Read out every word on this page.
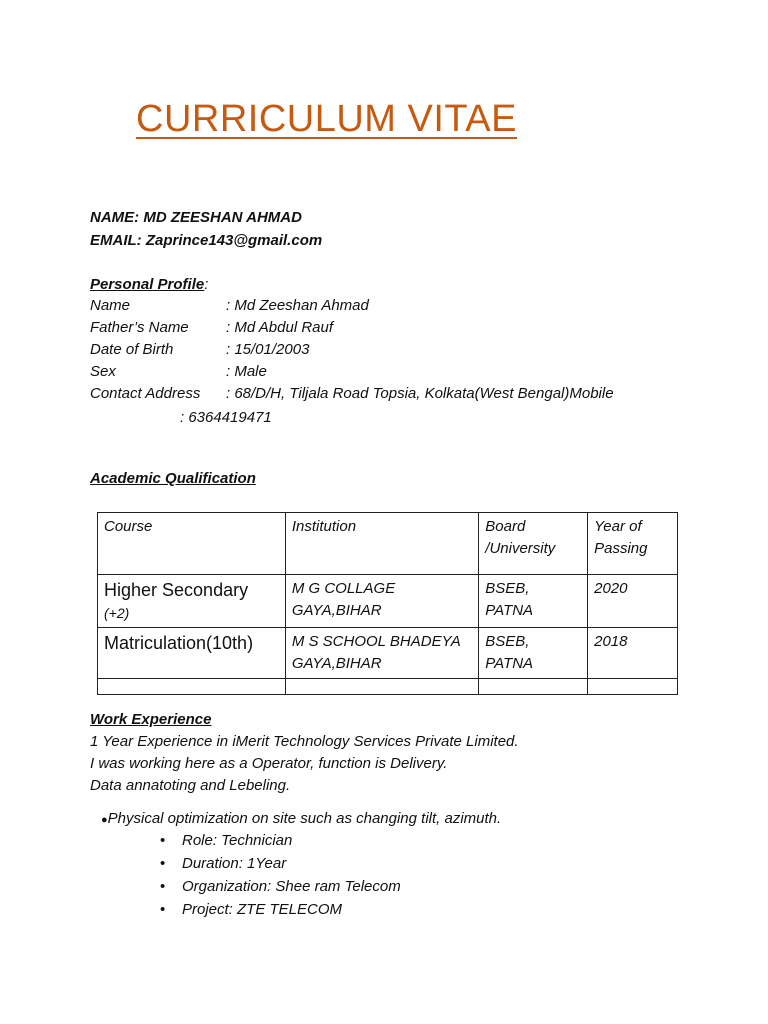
CURRICULUM VITAE
NAME: MD ZEESHAN AHMAD
EMAIL: Zaprince143@gmail.com
Personal Profile:
Name	: Md Zeeshan Ahmad
Father’s Name : Md Abdul Rauf
Date of Birth	: 15/01/2003
Sex	: Male
Contact Address : 68/D/H, Tiljala Road Topsia, Kolkata(West Bengal)Mobile
: 6364419471
Academic Qualification
Course	Institution	Board /University	Year of Passing

Higher Secondary
(+2)	M G COLLAGE GAYA,BIHAR	BSEB, PATNA	2020

Matriculation(10th)	M S SCHOOL BHADEYA GAYA,BIHAR	BSEB, PATNA	2018

Work Experience
1 Year Experience in iMerit Technology Services Private Limited.
I was working here as a Operator, function is Delivery.
Data annatoting and Lebeling.
●Physical optimization on site such as changing tilt, azimuth.
• Role: Technician
• Duration: 1Year
• Organization: Shee ram Telecom
• Project: ZTE TELECOM
